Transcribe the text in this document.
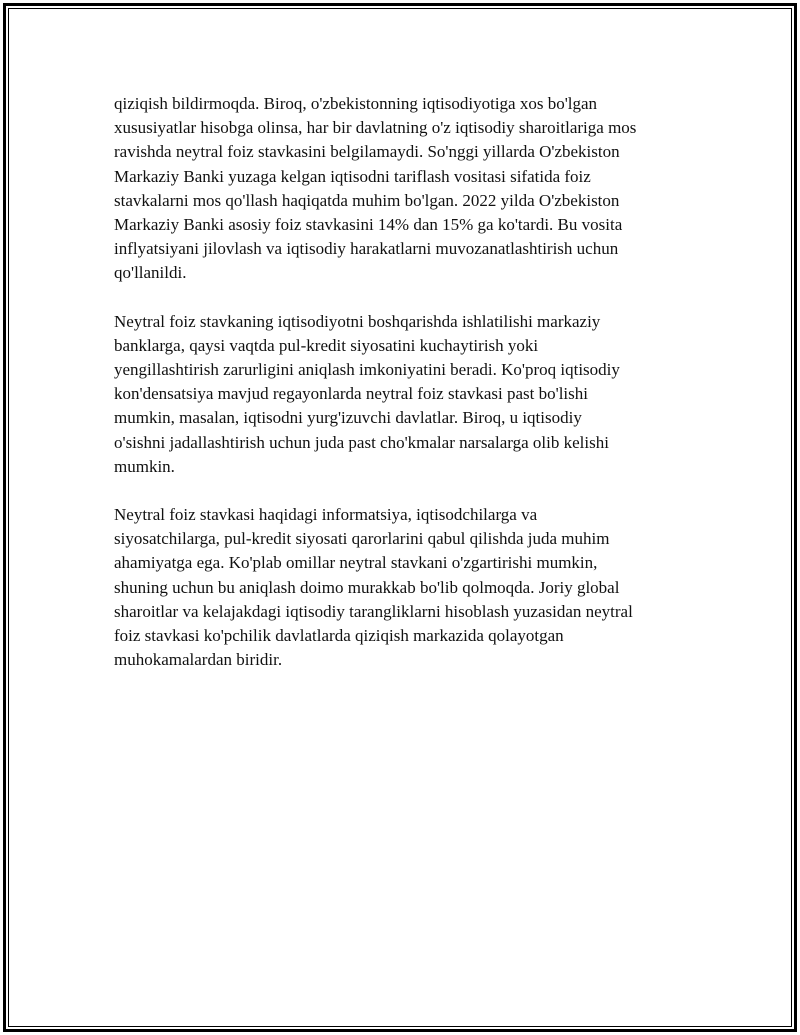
qiziqish bildirmoqda. Biroq, o'zbekistonning iqtisodiyotiga xos bo'lgan
xususiyatlar hisobga olinsa, har bir davlatning o'z iqtisodiy sharoitlariga mos
ravishda neytral foiz stavkasini belgilamaydi. So'nggi yillarda O'zbekiston
Markaziy Banki yuzaga kelgan iqtisodni tariflash vositasi sifatida foiz
stavkalarni mos qo'llash haqiqatda muhim bo'lgan. 2022 yilda O'zbekiston
Markaziy Banki asosiy foiz stavkasini 14% dan 15% ga ko'tardi. Bu vosita
inflyatsiyani jilovlash va iqtisodiy harakatlarni muvozanatlashtirish uchun
qo'llanildi.

Neytral foiz stavkaning iqtisodiyotni boshqarishda ishlatilishi markaziy
banklarga, qaysi vaqtda pul-kredit siyosatini kuchaytirish yoki
yengillashtirish zarurligini aniqlash imkoniyatini beradi. Ko'proq iqtisodiy
kon'densatsiya mavjud regayonlarda neytral foiz stavkasi past bo'lishi
mumkin, masalan, iqtisodni yurg'izuvchi davlatlar. Biroq, u iqtisodiy
o'sishni jadallashtirish uchun juda past cho'kmalar narsalarga olib kelishi
mumkin.

Neytral foiz stavkasi haqidagi informatsiya, iqtisodchilarga va
siyosatchilarga, pul-kredit siyosati qarorlarini qabul qilishda juda muhim
ahamiyatga ega. Ko'plab omillar neytral stavkani o'zgartirishi mumkin,
shuning uchun bu aniqlash doimo murakkab bo'lib qolmoqda. Joriy global
sharoitlar va kelajakdagi iqtisodiy tarangliklarni hisoblash yuzasidan neytral
foiz stavkasi ko'pchilik davlatlarda qiziqish markazida qolayotgan
muhokamalardan biridir.
